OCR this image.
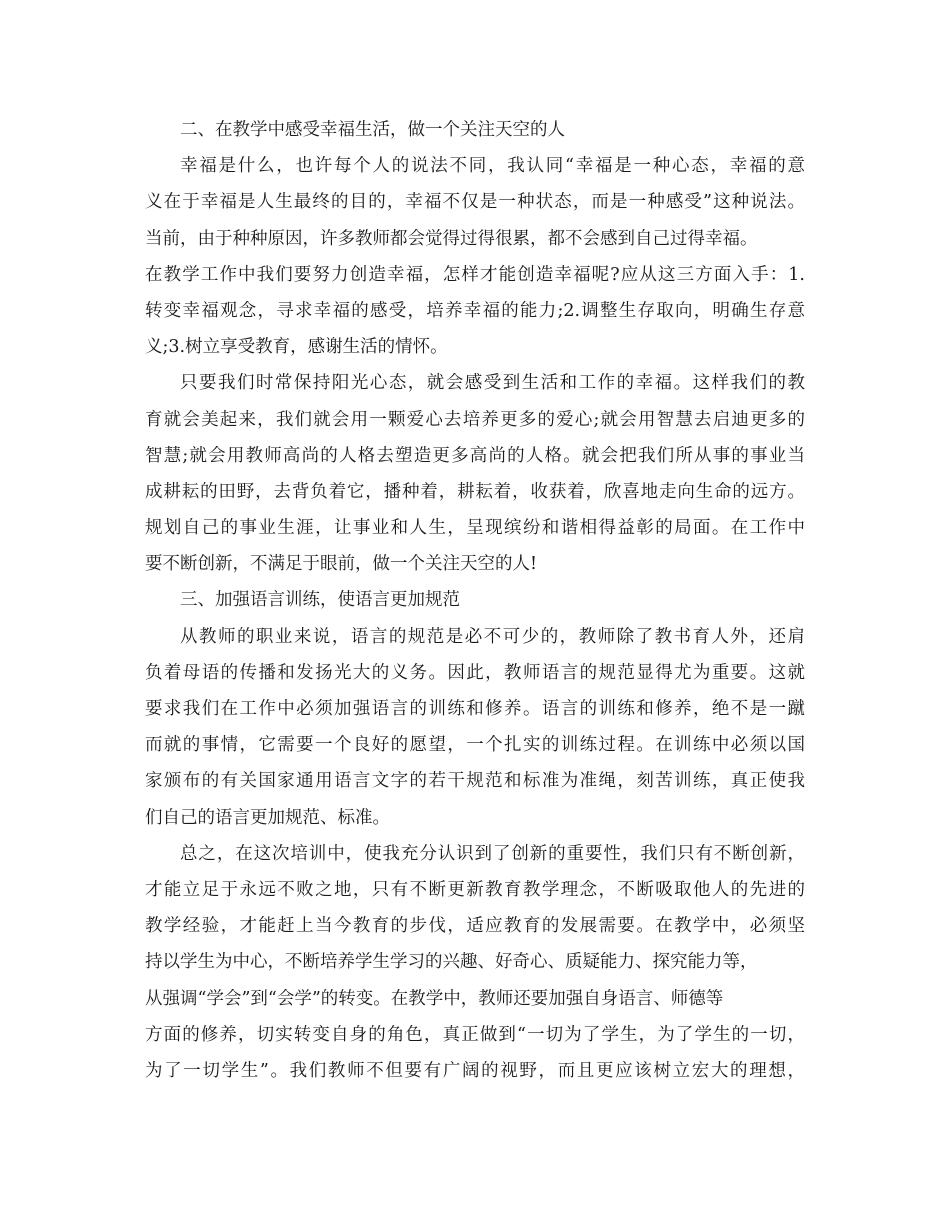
二、在教学中感受幸福生活，做一个关注天空的人
幸福是什么，也许每个人的说法不同，我认同“幸福是一种心态，幸福的意
义在于幸福是人生最终的目的，幸福不仅是一种状态，而是一种感受”这种说法。
当前，由于种种原因，许多教师都会觉得过得很累，都不会感到自己过得幸福。
在教学工作中我们要努力创造幸福，怎样才能创造幸福呢?应从这三方面入手：1.
转变幸福观念，寻求幸福的感受，培养幸福的能力;2.调整生存取向，明确生存意
义;3.树立享受教育，感谢生活的情怀。
只要我们时常保持阳光心态，就会感受到生活和工作的幸福。这样我们的教
育就会美起来，我们就会用一颗爱心去培养更多的爱心;就会用智慧去启迪更多的
智慧;就会用教师高尚的人格去塑造更多高尚的人格。就会把我们所从事的事业当
成耕耘的田野，去背负着它，播种着，耕耘着，收获着，欣喜地走向生命的远方。
规划自己的事业生涯，让事业和人生，呈现缤纷和谐相得益彰的局面。在工作中
要不断创新，不满足于眼前，做一个关注天空的人!
三、加强语言训练，使语言更加规范
从教师的职业来说，语言的规范是必不可少的，教师除了教书育人外，还肩
负着母语的传播和发扬光大的义务。因此，教师语言的规范显得尤为重要。这就
要求我们在工作中必须加强语言的训练和修养。语言的训练和修养，绝不是一蹴
而就的事情，它需要一个良好的愿望，一个扎实的训练过程。在训练中必须以国
家颁布的有关国家通用语言文字的若干规范和标准为准绳，刻苦训练，真正使我
们自己的语言更加规范、标准。
总之，在这次培训中，使我充分认识到了创新的重要性，我们只有不断创新，
才能立足于永远不败之地，只有不断更新教育教学理念，不断吸取他人的先进的
教学经验，才能赶上当今教育的步伐，适应教育的发展需要。在教学中，必须坚
持以学生为中心，不断培养学生学习的兴趣、好奇心、质疑能力、探究能力等，
从强调“学会”到“会学”的转变。在教学中，教师还要加强自身语言、师德等
方面的修养，切实转变自身的角色，真正做到“一切为了学生，为了学生的一切，
为了一切学生”。我们教师不但要有广阔的视野，而且更应该树立宏大的理想，
